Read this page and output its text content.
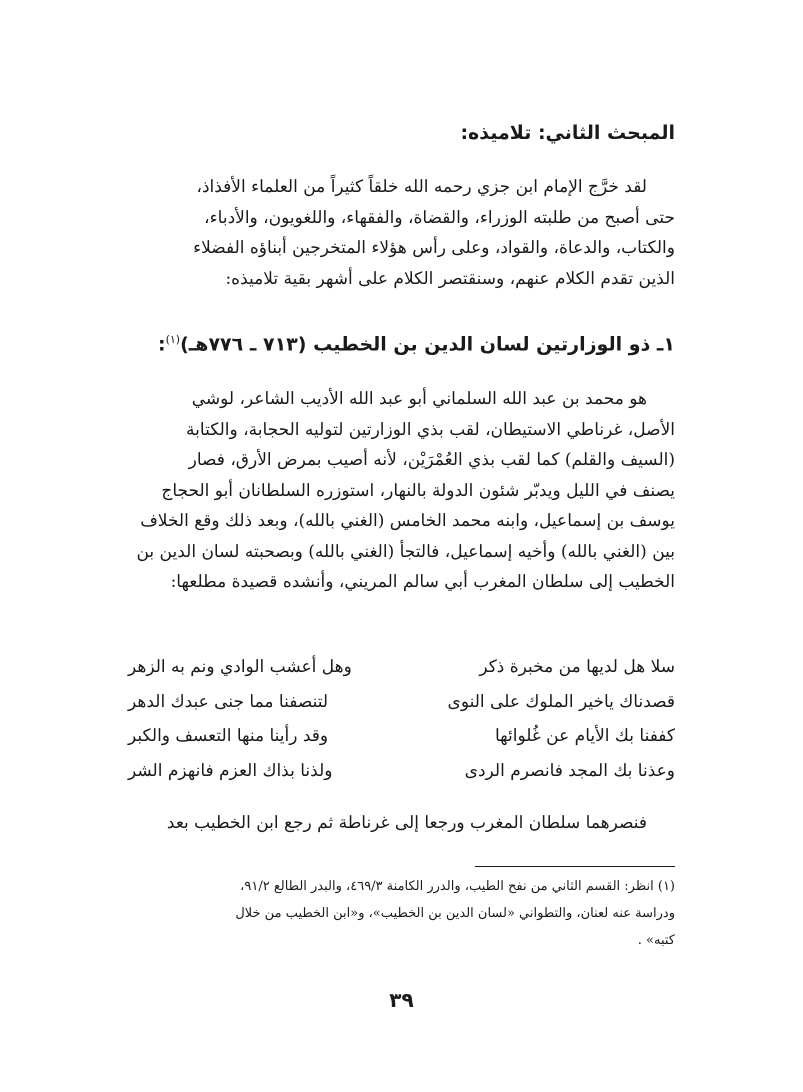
المبحث الثاني: تلاميذه:
لقد خرَّج الإمام ابن جزي رحمه الله خلقاً كثيراً من العلماء الأفذاذ،
حتى أصبح من طلبته الوزراء، والقضاة، والفقهاء، واللغويون، والأدباء،
والكتاب، والدعاة، والقواد، وعلى رأس هؤلاء المتخرجين أبناؤه الفضلاء
الذين تقدم الكلام عنهم، وسنقتصر الكلام على أشهر بقية تلاميذه:
١ـ ذو الوزارتين لسان الدين بن الخطيب (٧١٣ ـ ٧٧٦هـ)$^{(١)}$:
هو محمد بن عبد الله السلماني أبو عبد الله الأديب الشاعر، لوشي
الأصل، غرناطي الاستيطان، لقب بذي الوزارتين لتوليه الحجابة، والكتابة
(السيف والقلم) كما لقب بذي العُمْرَيْن، لأنه أصيب بمرض الأرق، فصار
يصنف في الليل ويدبّر شئون الدولة بالنهار، استوزره السلطانان أبو الحجاج
يوسف بن إسماعيل، وابنه محمد الخامس (الغني بالله)، وبعد ذلك وقع الخلاف
بين (الغني بالله) وأخيه إسماعيل، فالتجأ (الغني بالله) وبصحبته لسان الدين بن
الخطيب إلى سلطان المغرب أبي سالم المريني، وأنشده قصيدة مطلعها:
سلا هل لديها من مخبرة ذكر
وهل أعشب الوادي ونم به الزهر
قصدناك ياخير الملوك على النوى
لتنصفنا مما جنى عبدك الدهر
كففنا بك الأيام عن غُلوائها
وقد رأينا منها التعسف والكبر
وعذنا بك المجد فانصرم الردى
ولذنا بذاك العزم فانهزم الشر
فنصرهما سلطان المغرب ورجعا إلى غرناطة ثم رجع ابن الخطيب بعد
(١) انظر: القسم الثاني من نفح الطيب، والدرر الكامنة ٤٦٩/٣، والبدر الطالع ٩١/٢،
ودراسة عنه لعنان، والتطواني «لسان الدين بن الخطيب»، و«ابن الخطيب من خلال
كتبه» .
٣٩
